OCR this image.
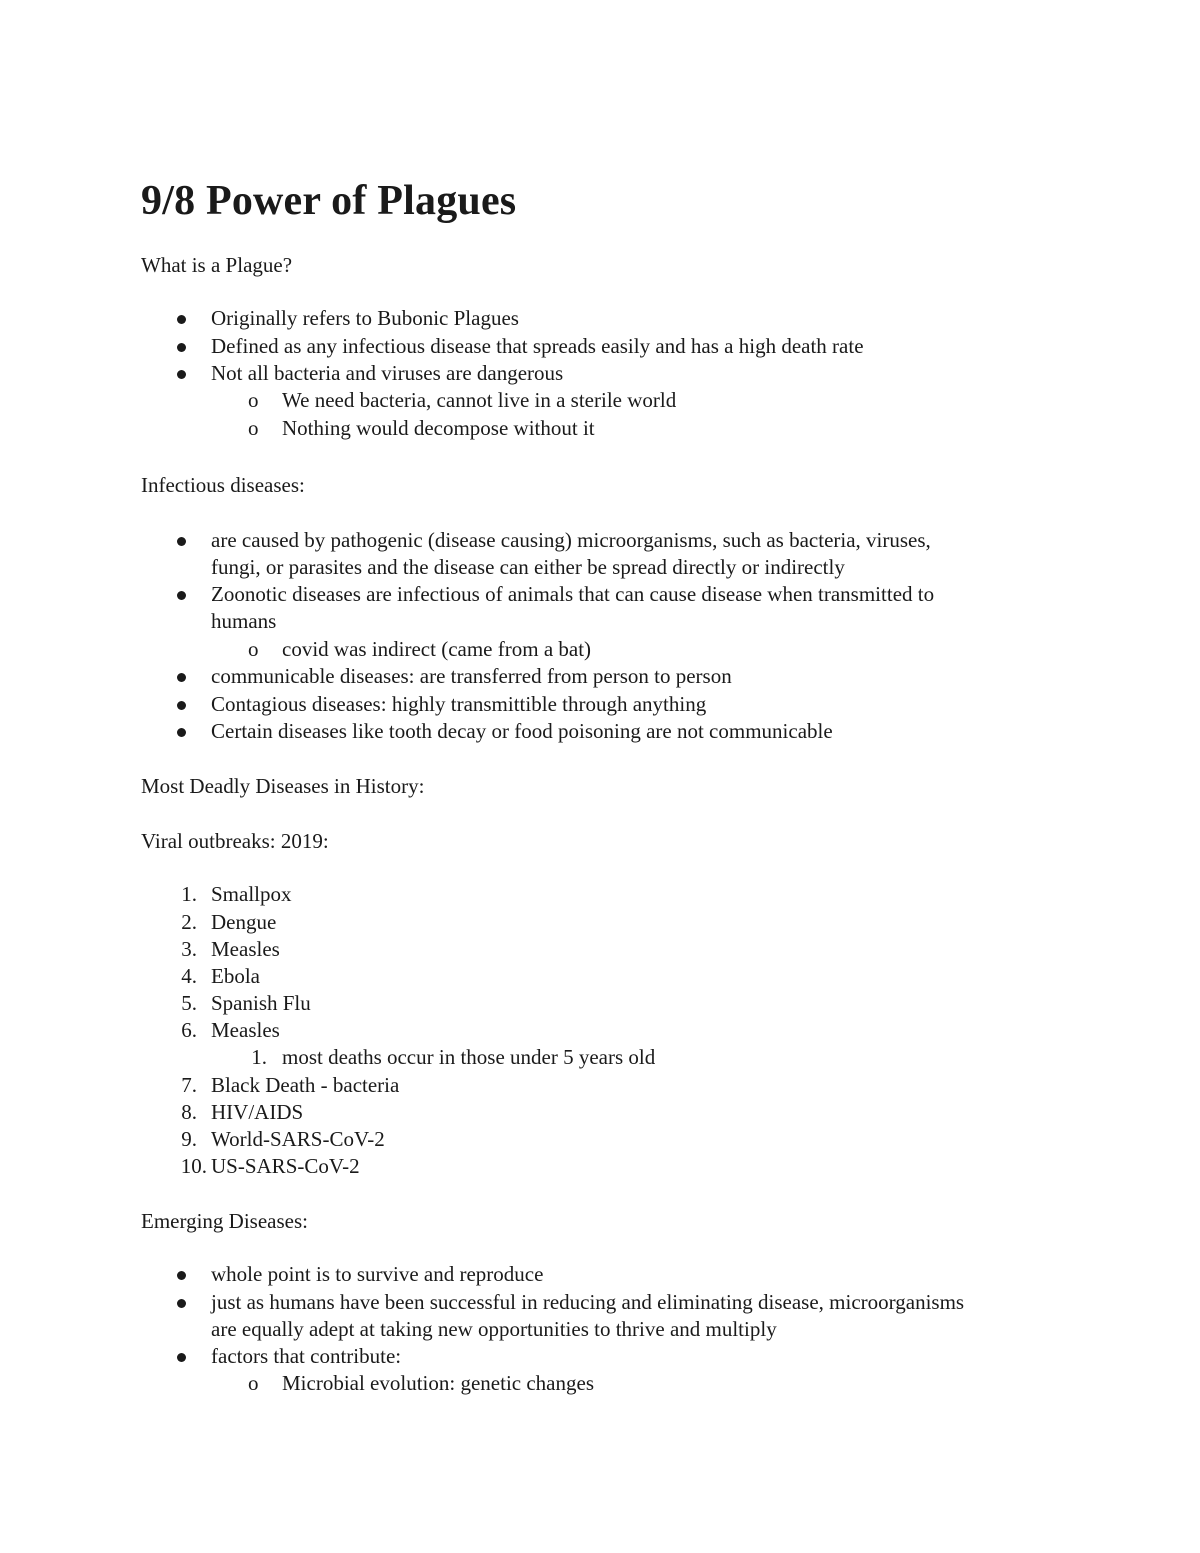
9/8 Power of Plagues
What is a Plague?
Originally refers to Bubonic Plagues
Defined as any infectious disease that spreads easily and has a high death rate
Not all bacteria and viruses are dangerous
o We need bacteria, cannot live in a sterile world
o Nothing would decompose without it
Infectious diseases:
are caused by pathogenic (disease causing) microorganisms, such as bacteria, viruses,
fungi, or parasites and the disease can either be spread directly or indirectly
Zoonotic diseases are infectious of animals that can cause disease when transmitted to
humans
o covid was indirect (came from a bat)
communicable diseases: are transferred from person to person
Contagious diseases: highly transmittible through anything
Certain diseases like tooth decay or food poisoning are not communicable
Most Deadly Diseases in History:
Viral outbreaks: 2019:
1. Smallpox
2. Dengue
3. Measles
4. Ebola
5. Spanish Flu
6. Measles
1. most deaths occur in those under 5 years old
7. Black Death - bacteria
8. HIV/AIDS
9. World-SARS-CoV-2
10. US-SARS-CoV-2
Emerging Diseases:
whole point is to survive and reproduce
just as humans have been successful in reducing and eliminating disease, microorganisms
are equally adept at taking new opportunities to thrive and multiply
factors that contribute:
o Microbial evolution: genetic changes
